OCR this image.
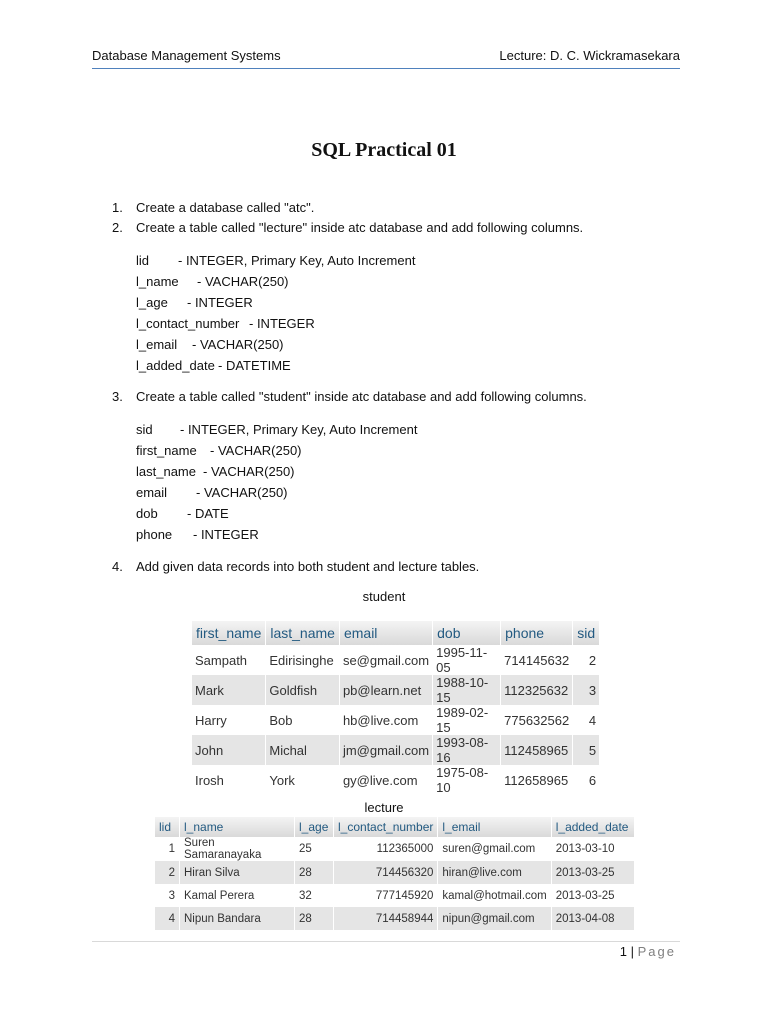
Database Management Systems	Lecture: D. C. Wickramasekara
SQL Practical 01
1. Create a database called "atc".
2. Create a table called "lecture" inside atc database and add following columns.
lid - INTEGER, Primary Key, Auto Increment
l_name - VACHAR(250)
l_age - INTEGER
l_contact_number - INTEGER
l_email - VACHAR(250)
l_added_date - DATETIME
3. Create a table called "student" inside atc database and add following columns.
sid - INTEGER, Primary Key, Auto Increment
first_name - VACHAR(250)
last_name - VACHAR(250)
email - VACHAR(250)
dob - DATE
phone - INTEGER
4. Add given data records into both student and lecture tables.
student
first_name	last_name	email	dob	phone	sid
Sampath	Edirisinghe	se@gmail.com	1995-11-05	714145632	2
Mark	Goldfish	pb@learn.net	1988-10-15	112325632	3
Harry	Bob	hb@live.com	1989-02-15	775632562	4
John	Michal	jm@gmail.com	1993-08-16	112458965	5
Irosh	York	gy@live.com	1975-08-10	112658965	6
lecture
lid	l_name	l_age	l_contact_number	l_email	l_added_date
1	Suren Samaranayaka	25	112365000	suren@gmail.com	2013-03-10
2	Hiran Silva	28	714456320	hiran@live.com	2013-03-25
3	Kamal Perera	32	777145920	kamal@hotmail.com	2013-03-25
4	Nipun Bandara	28	714458944	nipun@gmail.com	2013-04-08
1 | Page
